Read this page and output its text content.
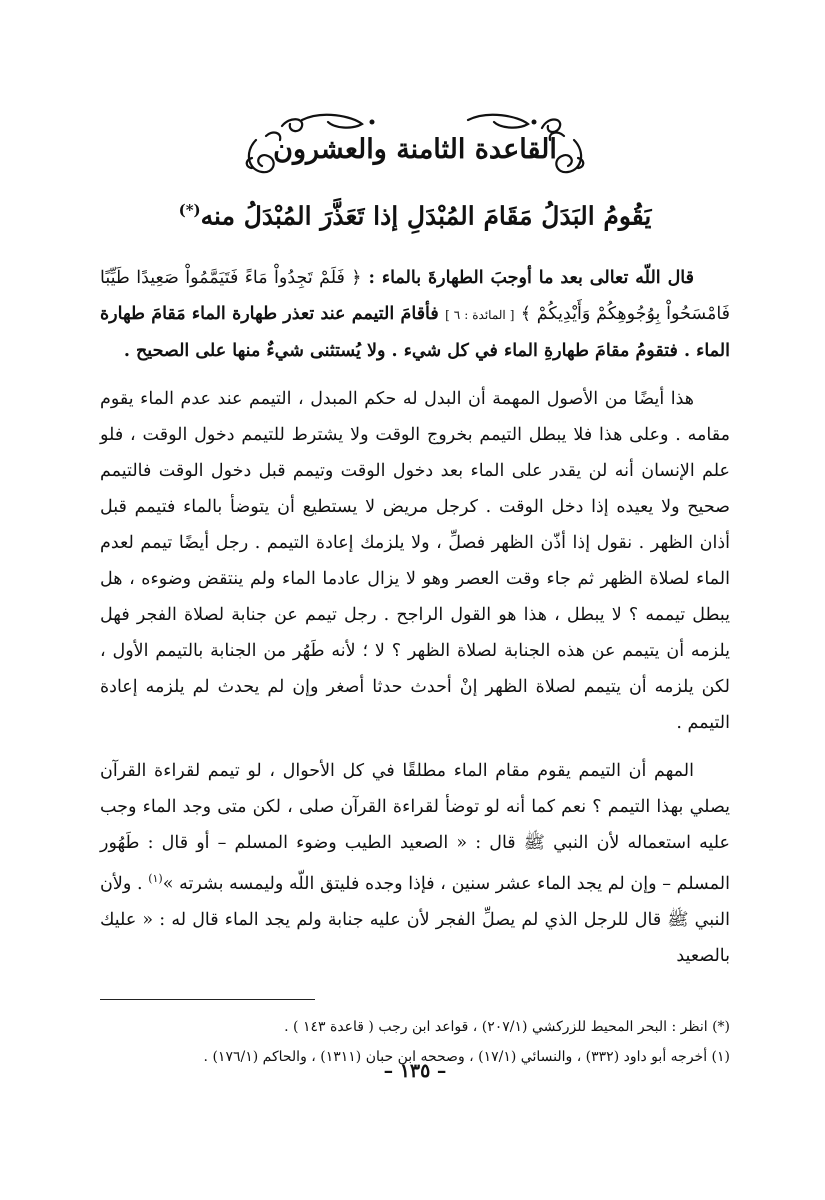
القاعدة الثامنة والعشرون
يَقُومُ البَدَلُ مَقَامَ المُبْدَلِ إذا تَعَذَّرَ المُبْدَلُ منه(*)

قال اللّه تعالى بعد ما أوجبَ الطهارةَ بالماء : ﴿ فَلَمْ تَجِدُواْ مَاءً فَتَيَمَّمُواْ صَعِيدًا طَيِّبًا فَامْسَحُواْ بِوُجُوهِكُمْ وَأَيْدِيكُمْ ﴾ [ المائدة : ٦ ] فأقامَ التيمم عند تعذر طهارة الماء مَقامَ طهارة الماء . فتقومُ مقامَ طهارةِ الماء في كل شيء . ولا يُستثنى شيءٌ منها على الصحيح .

هذا أيضًا من الأصول المهمة أن البدل له حكم المبدل ، التيمم عند عدم الماء يقوم مقامه . وعلى هذا فلا يبطل التيمم بخروج الوقت ولا يشترط للتيمم دخول الوقت ، فلو علم الإنسان أنه لن يقدر على الماء بعد دخول الوقت وتيمم قبل دخول الوقت فالتيمم صحيح ولا يعيده إذا دخل الوقت . كرجل مريض لا يستطيع أن يتوضأ بالماء فتيمم قبل أذان الظهر . نقول إذا أذّن الظهر فصلِّ ، ولا يلزمك إعادة التيمم . رجل أيضًا تيمم لعدم الماء لصلاة الظهر ثم جاء وقت العصر وهو لا يزال عادما الماء ولم ينتقض وضوءه ، هل يبطل تيممه ؟ لا يبطل ، هذا هو القول الراجح . رجل تيمم عن جنابة لصلاة الفجر فهل يلزمه أن يتيمم عن هذه الجنابة لصلاة الظهر ؟ لا ؛ لأنه طَهُر من الجنابة بالتيمم الأول ، لكن يلزمه أن يتيمم لصلاة الظهر إنْ أحدث حدثا أصغر وإن لم يحدث لم يلزمه إعادة التيمم .

المهم أن التيمم يقوم مقام الماء مطلقًا في كل الأحوال ، لو تيمم لقراءة القرآن يصلي بهذا التيمم ؟ نعم كما أنه لو توضأ لقراءة القرآن صلى ، لكن متى وجد الماء وجب عليه استعماله لأن النبي ﷺ قال : « الصعيد الطيب وضوء المسلم – أو قال : طَهُور المسلم – وإن لم يجد الماء عشر سنين ، فإذا وجده فليتق اللّه وليمسه بشرته »$^{(١)}$ . ولأن النبي ﷺ قال للرجل الذي لم يصلِّ الفجر لأن عليه جنابة ولم يجد الماء قال له : « عليك بالصعيد

(*) انظر : البحر المحيط للزركشي (٢٠٧/١) ، قواعد ابن رجب ( قاعدة ١٤٣ ) .

(١) أخرجه أبو داود (٣٣٢) ، والنسائي (١٧/١) ، وصححه ابن حبان (١٣١١) ، والحاكم (١٧٦/١) .

– ١٣٥ –
